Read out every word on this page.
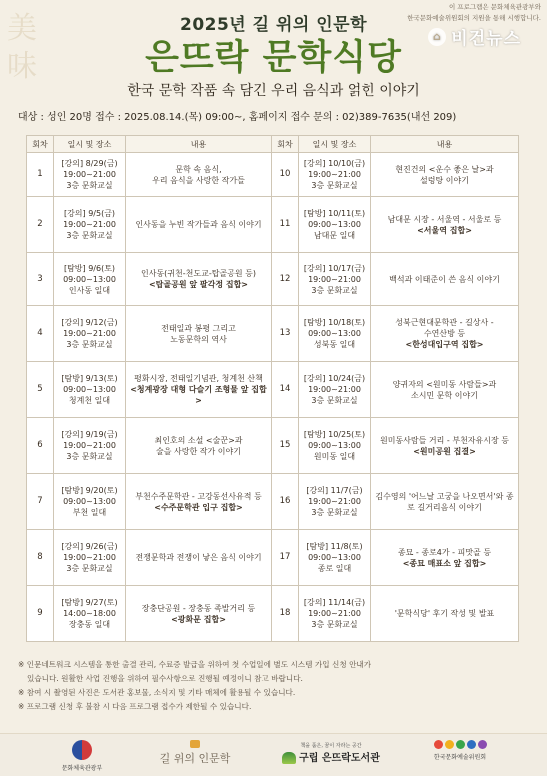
美
味
이 프로그램은 문화체육관광부와
한국문화예술위원회의 지원을 통해 시행합니다.
⌂ 비건뉴스
2025년 길 위의 인문학
은뜨락 문학식당
한국 문학 작품 속 담긴 우리 음식과 얽힌 이야기
대상 : 성인 20명 접수 : 2025.08.14.(목) 09:00~, 홈페이지 접수 문의 : 02)389-7635(내선 209)
회차	일시 및 장소	내용	회차	일시 및 장소	내용
1	[강의] 8/29(금)
19:00~21:00
3층 문화교실	문학 속 음식,
우리 음식을 사랑한 작가들	10	[강의] 10/10(금)
19:00~21:00
3층 문화교실	현진건의 <운수 좋은 날>과
설렁탕 이야기

2	[강의] 9/5(금)
19:00~21:00
3층 문화교실	인사동을 누빈 작가들과 음식 이야기	11	[탐방] 10/11(토)
09:00~13:00
남대문 일대	남대문 시장 - 서울역 - 서울로 등
<서울역 집합>

3	[탐방] 9/6(토)
09:00~13:00
인사동 일대	인사동(귀천-천도교-탑골공원 등)
<탑골공원 앞 팔각정 집합>	12	[강의] 10/17(금)
19:00~21:00
3층 문화교실	백석과 이태준이 쓴 음식 이야기

4	[강의] 9/12(금)
19:00~21:00
3층 문화교실	전태일과 봉평 그리고
노동문학의 역사	13	[탐방] 10/18(토)
09:00~13:00
성북동 일대	성북근현대문학관 - 길상사 -
수연산방 등
<한성대입구역 집합>

5	[탐방] 9/13(토)
09:00~13:00
청계천 일대	평화시장, 전태일기념관, 청계천 산책
<청계광장 대형 다슬기 조형물 앞 집합>	14	[강의] 10/24(금)
19:00~21:00
3층 문화교실	양귀자의 <원미동 사람들>과
소시민 문학 이야기

6	[강의] 9/19(금)
19:00~21:00
3층 문화교실	최인호의 소설 <술꾼>과
술을 사랑한 작가 이야기	15	[탐방] 10/25(토)
09:00~13:00
원미동 일대	원미동사람들 거리 - 부천자유시장 등
<원미공원 집결>

7	[탐방] 9/20(토)
09:00~13:00
부천 일대	부천수주문학관 - 고강동선사유적 등
<수주문학관 입구 집합>	16	[강의] 11/7(금)
19:00~21:00
3층 문화교실	김수영의 '어느날 고궁을 나오면서'와 종로 길거리음식 이야기

8	[강의] 9/26(금)
19:00~21:00
3층 문화교실	전쟁문학과 전쟁이 낳은 음식 이야기	17	[탐방] 11/8(토)
09:00~13:00
종로 일대	종묘 - 종로4가 - 피맛골 등
<종묘 매표소 앞 집합>

9	[탐방] 9/27(토)
14:00~18:00
장충동 일대	장충단공원 - 장충동 족발거리 등
<광화문 집합>	18	[강의] 11/14(금)
19:00~21:00
3층 문화교실	'문학식당' 후기 작성 및 발표
※ 인문네트워크 시스템을 통한 출결 관리, 수료증 발급을 위하여 첫 수업일에 별도 시스템 가입 신청 안내가
있습니다. 원활한 사업 진행을 위하여 필수사항으로 진행될 예정이니 참고 바랍니다.
※ 참여 시 촬영된 사진은 도서관 홍보물, 소식지 및 기타 매체에 활용될 수 있습니다.
※ 프로그램 신청 후 불참 시 다음 프로그램 접수가 제한될 수 있습니다.
문화체육관광부
길 위의 인문학
책을 품은, 꿈이 자라는 공간
구립 은뜨락도서관	한국문화예술위원회
